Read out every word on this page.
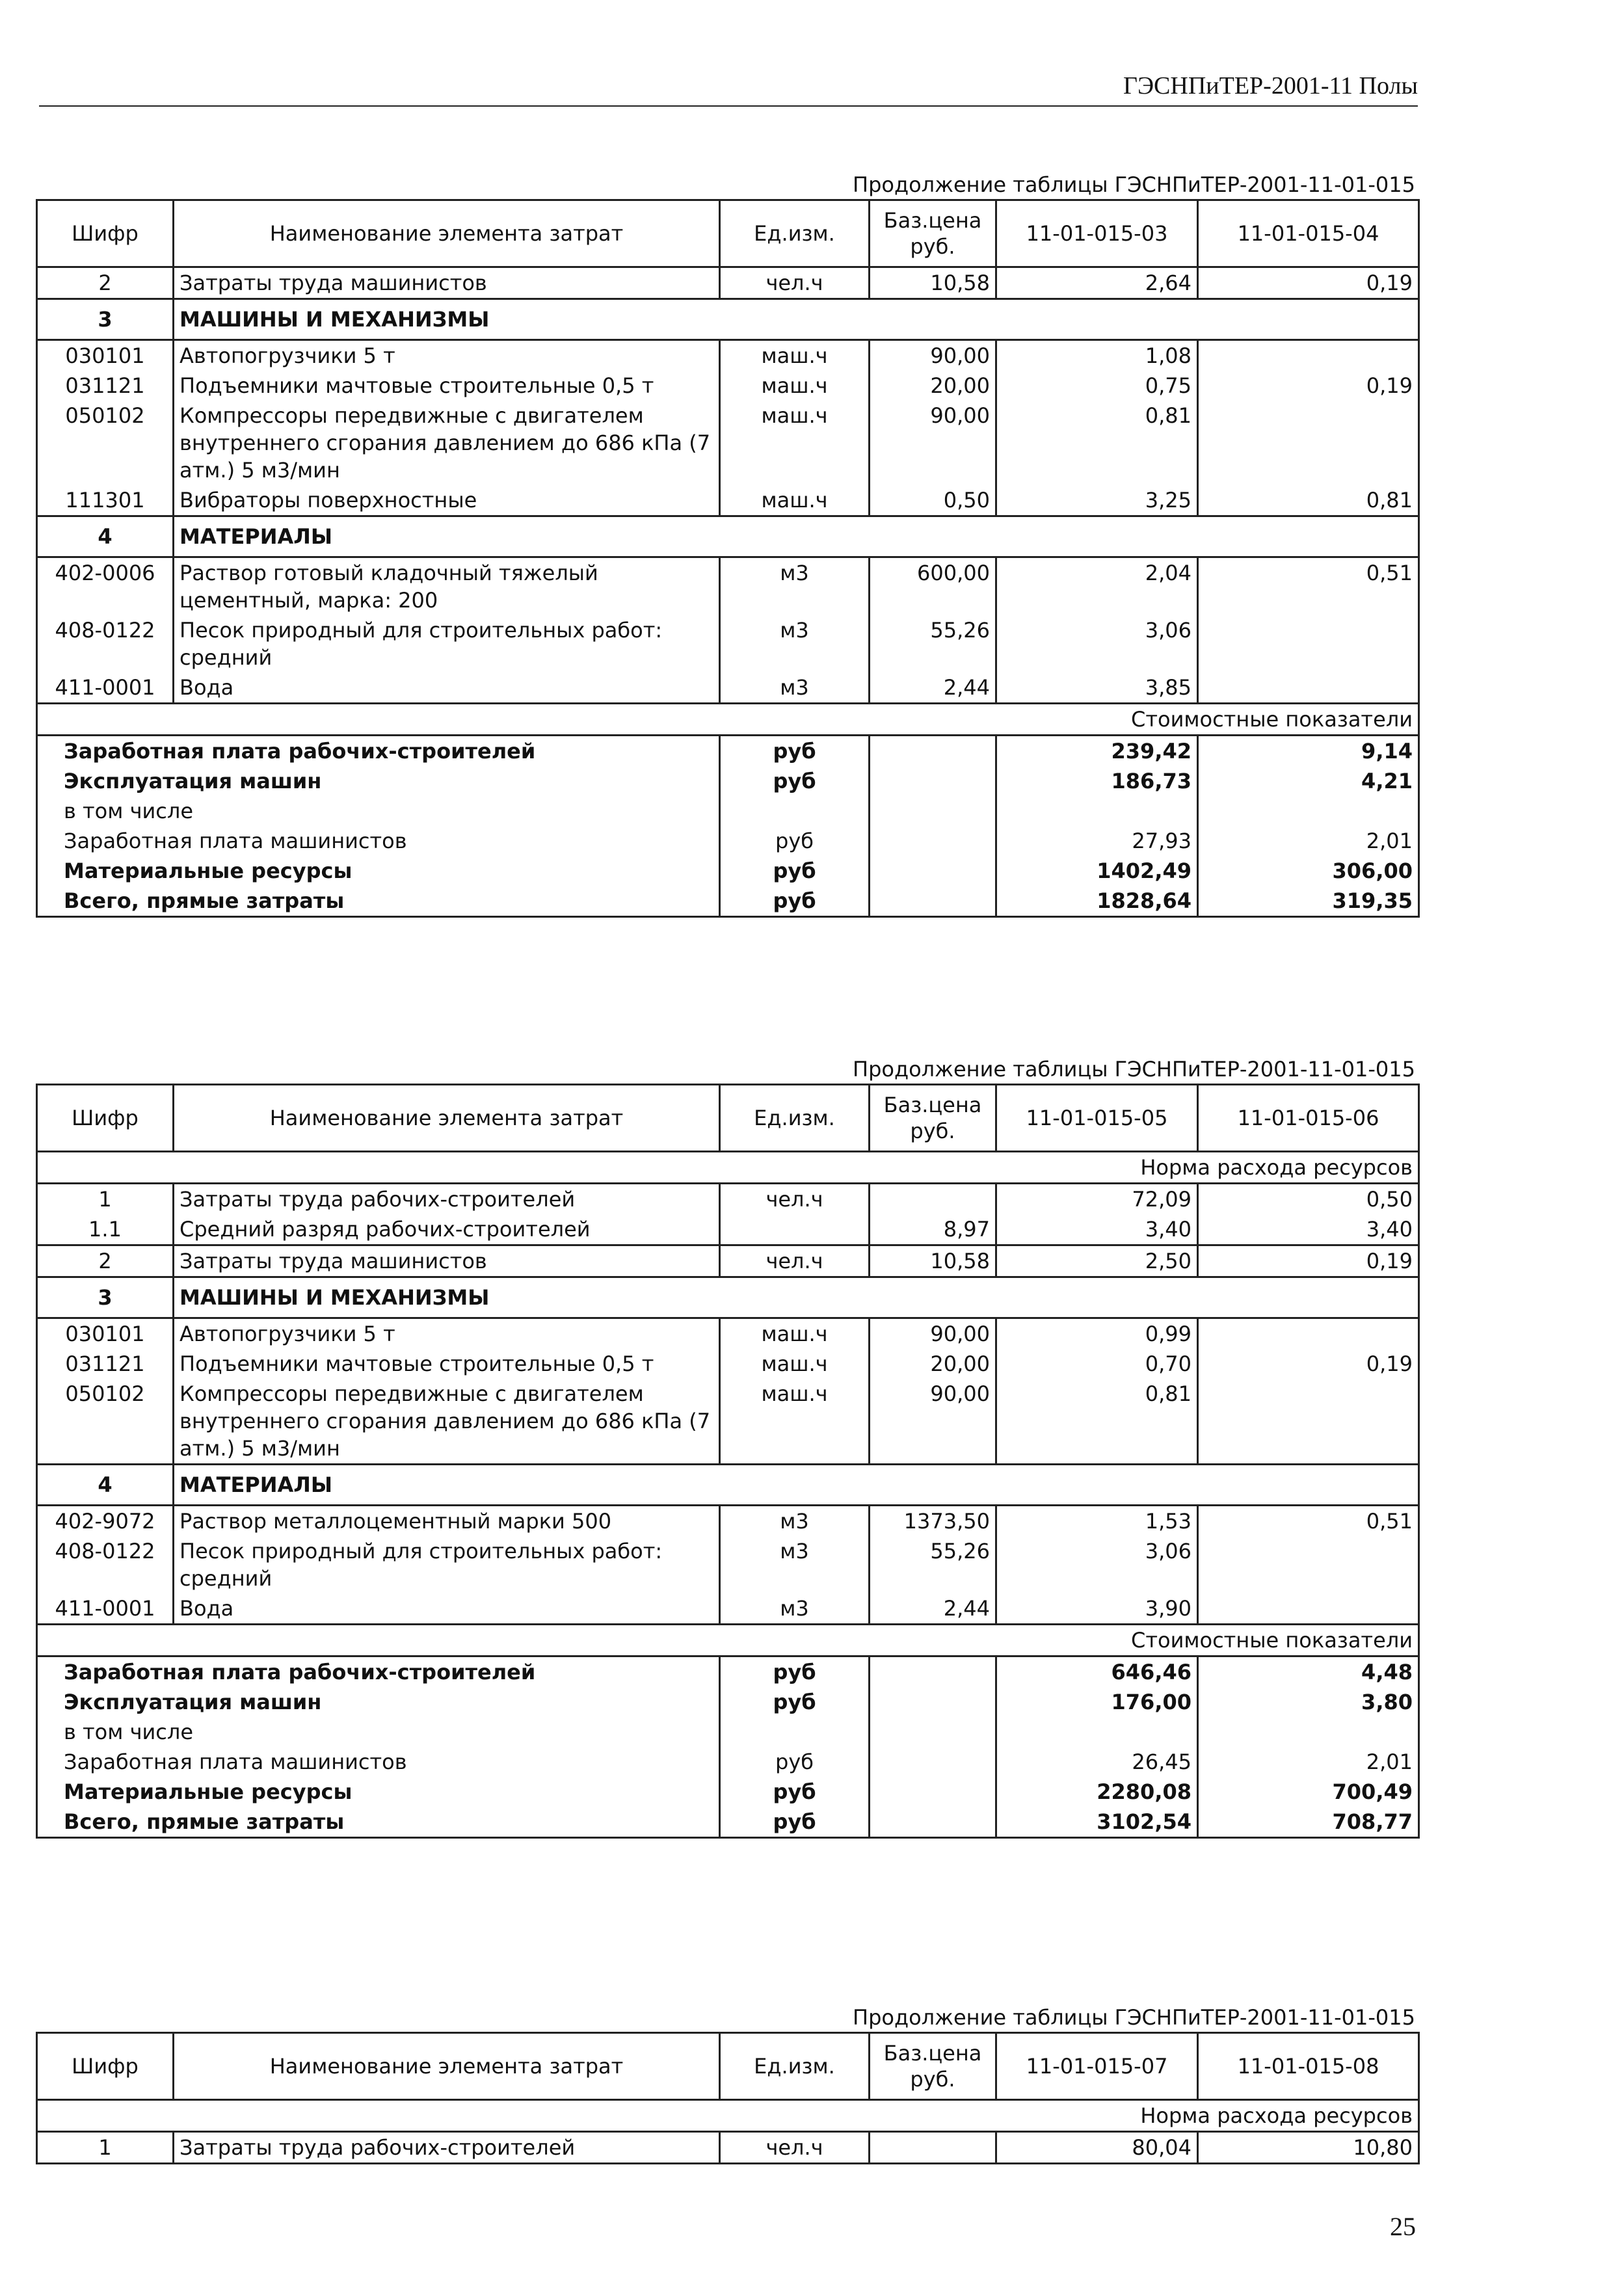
ГЭСНПиТЕР-2001-11 Полы
Продолжение таблицы ГЭСНПиТЕР-2001-11-01-015
Шифр	Наименование элемента затрат	Ед.изм.	Баз.цена руб.	11-01-015-03	11-01-015-04
2	Затраты труда машинистов	чел.ч	10,58	2,64	0,19
3	МАШИНЫ И МЕХАНИЗМЫ				
030101	Автопогрузчики 5 т	маш.ч	90,00	1,08	
031121	Подъемники мачтовые строительные 0,5 т	маш.ч	20,00	0,75	0,19
050102	Компрессоры передвижные с двигателем внутреннего сгорания давлением до 686 кПа (7 атм.) 5 м3/мин	маш.ч	90,00	0,81	
111301	Вибраторы поверхностные	маш.ч	0,50	3,25	0,81
4	МАТЕРИАЛЫ				
402-0006	Раствор готовый кладочный тяжелый цементный, марка: 200	м3	600,00	2,04	0,51
408-0122	Песок природный для строительных работ: средний	м3	55,26	3,06	
411-0001	Вода	м3	2,44	3,85	
Стоимостные показатели					
Заработная плата рабочих-строителей		руб		239,42	9,14
Эксплуатация машин		руб		186,73	4,21
в том числе					
Заработная плата машинистов		руб		27,93	2,01
Материальные ресурсы		руб		1402,49	306,00
Всего, прямые затраты		руб		1828,64	319,35
Продолжение таблицы ГЭСНПиТЕР-2001-11-01-015
Шифр	Наименование элемента затрат	Ед.изм.	Баз.цена руб.	11-01-015-05	11-01-015-06
Норма расхода ресурсов					
1	Затраты труда рабочих-строителей	чел.ч		72,09	0,50
1.1	Средний разряд рабочих-строителей		8,97	3,40	3,40
2	Затраты труда машинистов	чел.ч	10,58	2,50	0,19
3	МАШИНЫ И МЕХАНИЗМЫ				
030101	Автопогрузчики 5 т	маш.ч	90,00	0,99	
031121	Подъемники мачтовые строительные 0,5 т	маш.ч	20,00	0,70	0,19
050102	Компрессоры передвижные с двигателем внутреннего сгорания давлением до 686 кПа (7 атм.) 5 м3/мин	маш.ч	90,00	0,81	
4	МАТЕРИАЛЫ				
402-9072	Раствор металлоцементный марки 500	м3	1373,50	1,53	0,51
408-0122	Песок природный для строительных работ: средний	м3	55,26	3,06	
411-0001	Вода	м3	2,44	3,90	
Стоимостные показатели					
Заработная плата рабочих-строителей		руб		646,46	4,48
Эксплуатация машин		руб		176,00	3,80
в том числе					
Заработная плата машинистов		руб		26,45	2,01
Материальные ресурсы		руб		2280,08	700,49
Всего, прямые затраты		руб		3102,54	708,77
Продолжение таблицы ГЭСНПиТЕР-2001-11-01-015
Шифр	Наименование элемента затрат	Ед.изм.	Баз.цена руб.	11-01-015-07	11-01-015-08
Норма расхода ресурсов					
1	Затраты труда рабочих-строителей	чел.ч		80,04	10,80
25
